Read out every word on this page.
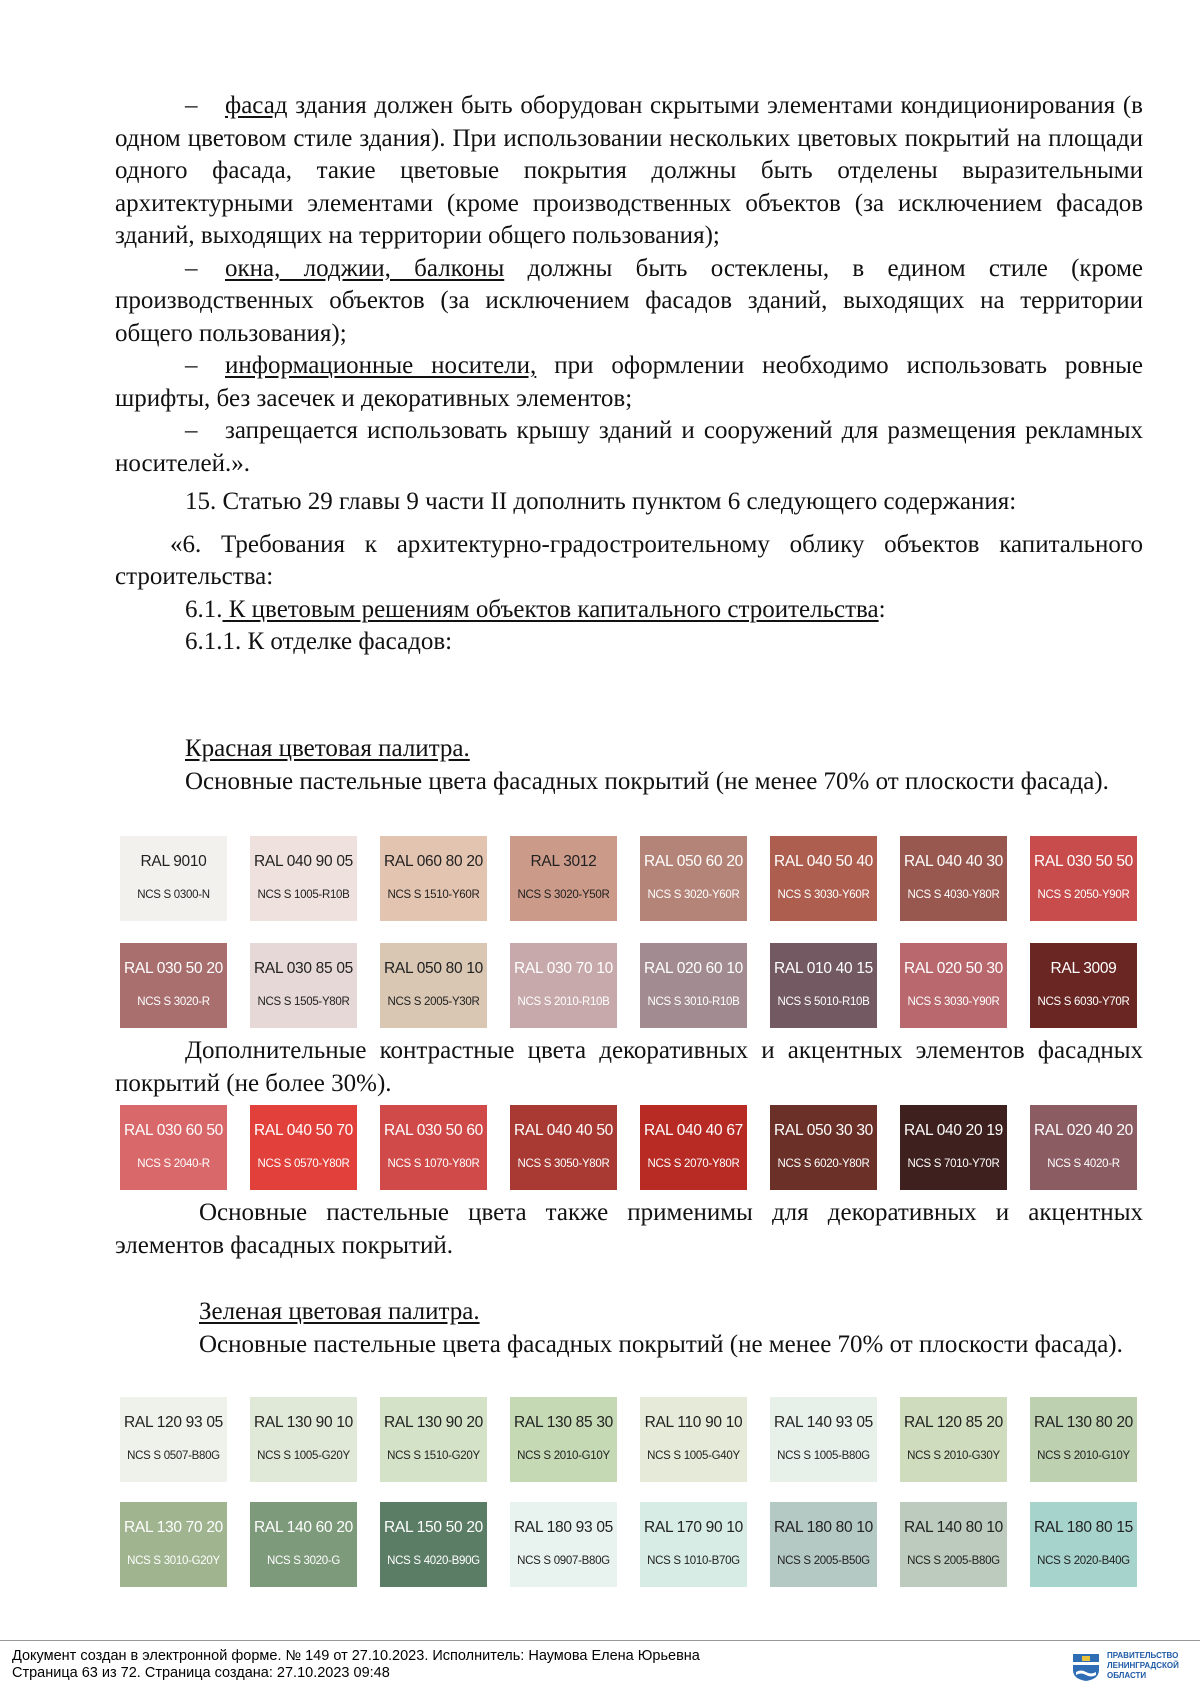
– фасад здания должен быть оборудован скрытыми элементами кондиционирования (в одном цветовом стиле здания). При использовании нескольких цветовых покрытий на площади одного фасада, такие цветовые покрытия должны быть отделены выразительными архитектурными элементами (кроме производственных объектов (за исключением фасадов зданий, выходящих на территории общего пользования);

– окна, лоджии, балконы должны быть остеклены, в едином стиле (кроме производственных объектов (за исключением фасадов зданий, выходящих на территории общего пользования);

– информационные носители, при оформлении необходимо использовать ровные шрифты, без засечек и декоративных элементов;

– запрещается использовать крышу зданий и сооружений для размещения рекламных носителей.».

15. Статью 29 главы 9 части II дополнить пунктом 6 следующего содержания:

«6. Требования к архитектурно-градостроительному облику объектов капитального строительства:

6.1. К цветовым решениям объектов капитального строительства:

6.1.1. К отделке фасадов:

Красная цветовая палитра.

Основные пастельные цвета фасадных покрытий (не менее 70% от плоскости фасада).

RAL 9010
NCS S 0300-N
RAL 040 90 05
NCS S 1005-R10B
RAL 060 80 20
NCS S 1510-Y60R
RAL 3012
NCS S 3020-Y50R
RAL 050 60 20
NCS S 3020-Y60R
RAL 040 50 40
NCS S 3030-Y60R
RAL 040 40 30
NCS S 4030-Y80R
RAL 030 50 50
NCS S 2050-Y90R
RAL 030 50 20
NCS S 3020-R
RAL 030 85 05
NCS S 1505-Y80R
RAL 050 80 10
NCS S 2005-Y30R
RAL 030 70 10
NCS S 2010-R10B
RAL 020 60 10
NCS S 3010-R10B
RAL 010 40 15
NCS S 5010-R10B
RAL 020 50 30
NCS S 3030-Y90R
RAL 3009
NCS S 6030-Y70R

Дополнительные контрастные цвета декоративных и акцентных элементов фасадных покрытий (не более 30%).

RAL 030 60 50
NCS S 2040-R
RAL 040 50 70
NCS S 0570-Y80R
RAL 030 50 60
NCS S 1070-Y80R
RAL 040 40 50
NCS S 3050-Y80R
RAL 040 40 67
NCS S 2070-Y80R
RAL 050 30 30
NCS S 6020-Y80R
RAL 040 20 19
NCS S 7010-Y70R
RAL 020 40 20
NCS S 4020-R

Основные пастельные цвета также применимы для декоративных и акцентных элементов фасадных покрытий.

Зеленая цветовая палитра.

Основные пастельные цвета фасадных покрытий (не менее 70% от плоскости фасада).

RAL 120 93 05
NCS S 0507-B80G
RAL 130 90 10
NCS S 1005-G20Y
RAL 130 90 20
NCS S 1510-G20Y
RAL 130 85 30
NCS S 2010-G10Y
RAL 110 90 10
NCS S 1005-G40Y
RAL 140 93 05
NCS S 1005-B80G
RAL 120 85 20
NCS S 2010-G30Y
RAL 130 80 20
NCS S 2010-G10Y
RAL 130 70 20
NCS S 3010-G20Y
RAL 140 60 20
NCS S 3020-G
RAL 150 50 20
NCS S 4020-B90G
RAL 180 93 05
NCS S 0907-B80G
RAL 170 90 10
NCS S 1010-B70G
RAL 180 80 10
NCS S 2005-B50G
RAL 140 80 10
NCS S 2005-B80G
RAL 180 80 15
NCS S 2020-B40G
Документ создан в электронной форме. № 149 от 27.10.2023. Исполнитель: Наумова Елена Юрьевна
Страница 63 из 72. Страница создана: 27.10.2023 09:48
ПРАВИТЕЛЬСТВО
ЛЕНИНГРАДСКОЙ
ОБЛАСТИ
